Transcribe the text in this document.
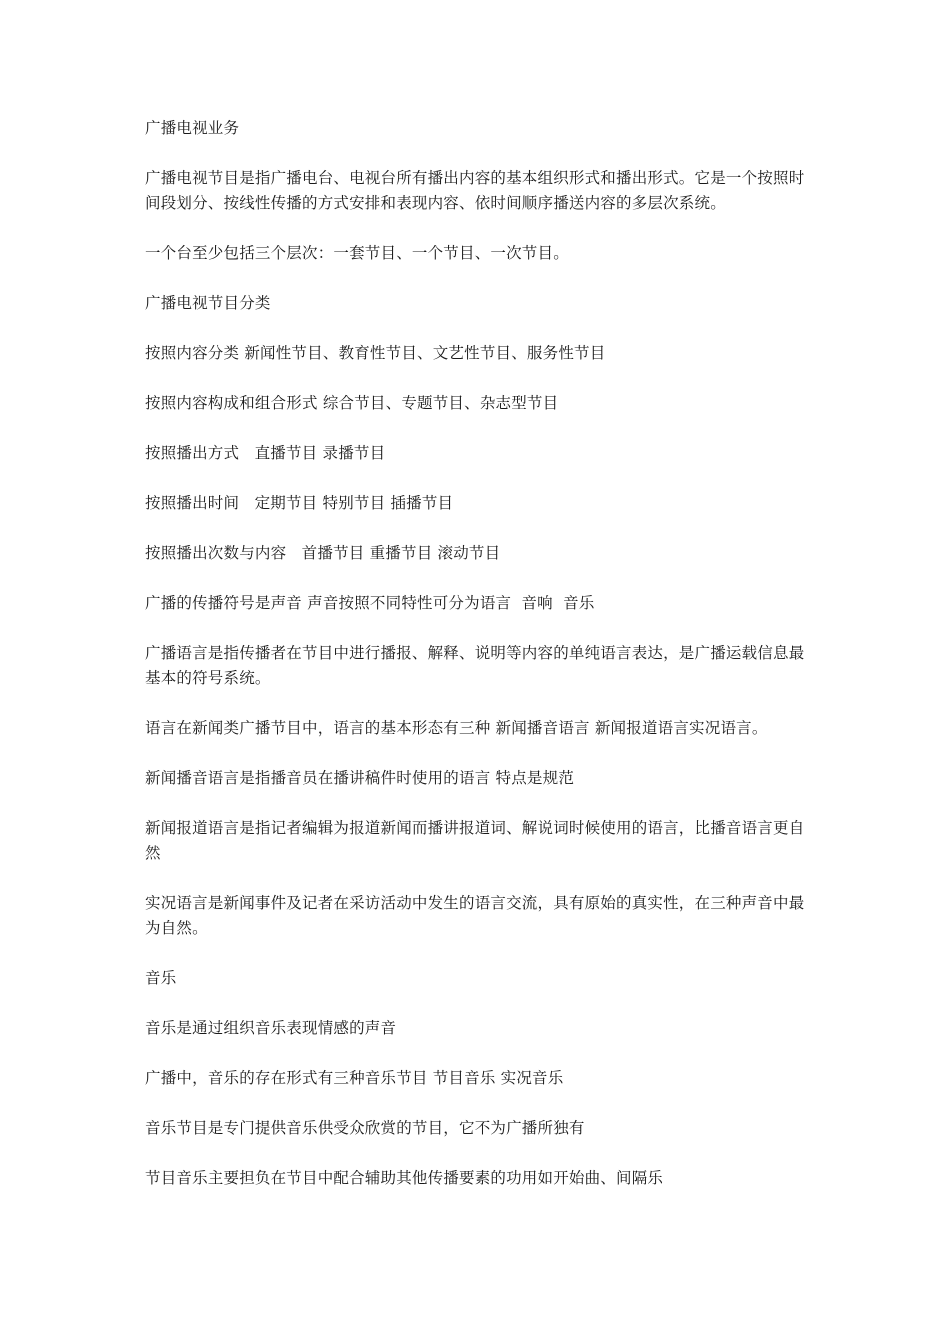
广播电视业务

广播电视节目是指广播电台、电视台所有播出内容的基本组织形式和播出形式。它是一个按照时间段划分、按线性传播的方式安排和表现内容、依时间顺序播送内容的多层次系统。

一个台至少包括三个层次：一套节目、一个节目、一次节目。

广播电视节目分类

按照内容分类 新闻性节目、教育性节目、文艺性节目、服务性节目

按照内容构成和组合形式 综合节目、专题节目、杂志型节目

按照播出方式   直播节目 录播节目

按照播出时间   定期节目 特别节目 插播节目

按照播出次数与内容   首播节目 重播节目 滚动节目

广播的传播符号是声音 声音按照不同特性可分为语言  音响  音乐

广播语言是指传播者在节目中进行播报、解释、说明等内容的单纯语言表达，是广播运载信息最基本的符号系统。

语言在新闻类广播节目中，语言的基本形态有三种 新闻播音语言 新闻报道语言实况语言。

新闻播音语言是指播音员在播讲稿件时使用的语言 特点是规范

新闻报道语言是指记者编辑为报道新闻而播讲报道词、解说词时候使用的语言，比播音语言更自然

实况语言是新闻事件及记者在采访活动中发生的语言交流，具有原始的真实性，在三种声音中最为自然。

音乐

音乐是通过组织音乐表现情感的声音

广播中，音乐的存在形式有三种音乐节目 节目音乐 实况音乐

音乐节目是专门提供音乐供受众欣赏的节目，它不为广播所独有

节目音乐主要担负在节目中配合辅助其他传播要素的功用如开始曲、间隔乐
